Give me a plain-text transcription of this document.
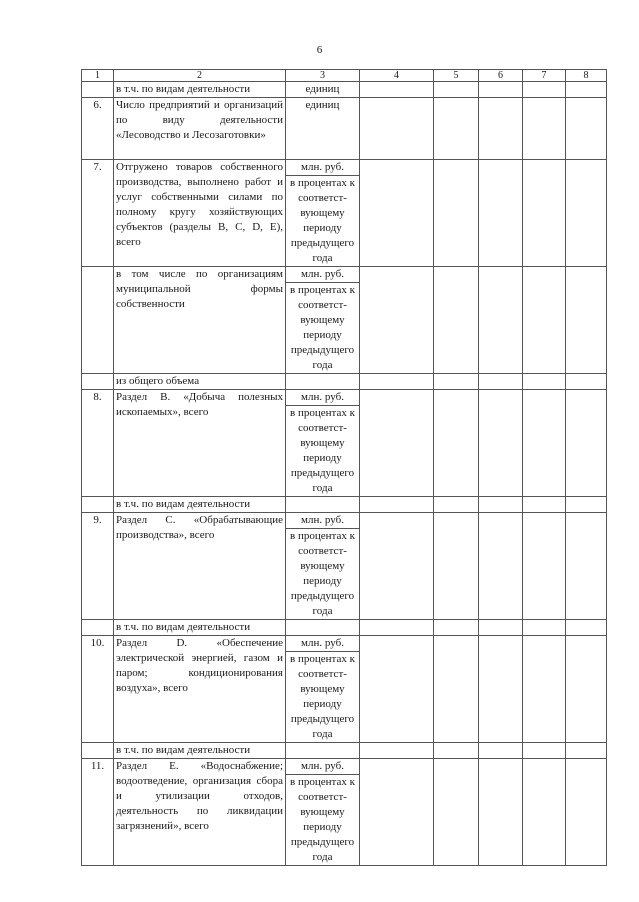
6
1	2	3	4	5	6	7	8
	в т.ч. по видам деятельности	единиц					
6.	Число предприятий и организаций по виду деятельности «Лесоводство и Лесозаготовки»	единиц					
7.	Отгружено товаров собственного производства, выполнено работ и услуг собственными силами по полному кругу хозяйствующих субъектов (разделы B, C, D, E), всего	млн. руб.
в процентах к соответст-вующему периоду предыдущего года					

	в том числе по организациям муниципальной формы собственности	млн. руб.
в процентах к соответст-вующему периоду предыдущего года					

	из общего объема						
8.	Раздел B. «Добыча полезных ископаемых», всего	млн. руб.
в процентах к соответст-вующему периоду предыдущего года					

	в т.ч. по видам деятельности						
9.	Раздел C. «Обрабатывающие производства», всего	млн. руб.
в процентах к соответст-вующему периоду предыдущего года					

	в т.ч. по видам деятельности						
10.	Раздел D. «Обеспечение электрической энергией, газом и паром; кондиционирования воздуха», всего	млн. руб.
в процентах к соответст-вующему периоду предыдущего года					

	в т.ч. по видам деятельности						
11.	Раздел E. «Водоснабжение; водоотведение, организация сбора и утилизации отходов, деятельность по ликвидации загрязнений», всего	млн. руб.
в процентах к соответст-вующему периоду предыдущего года					
